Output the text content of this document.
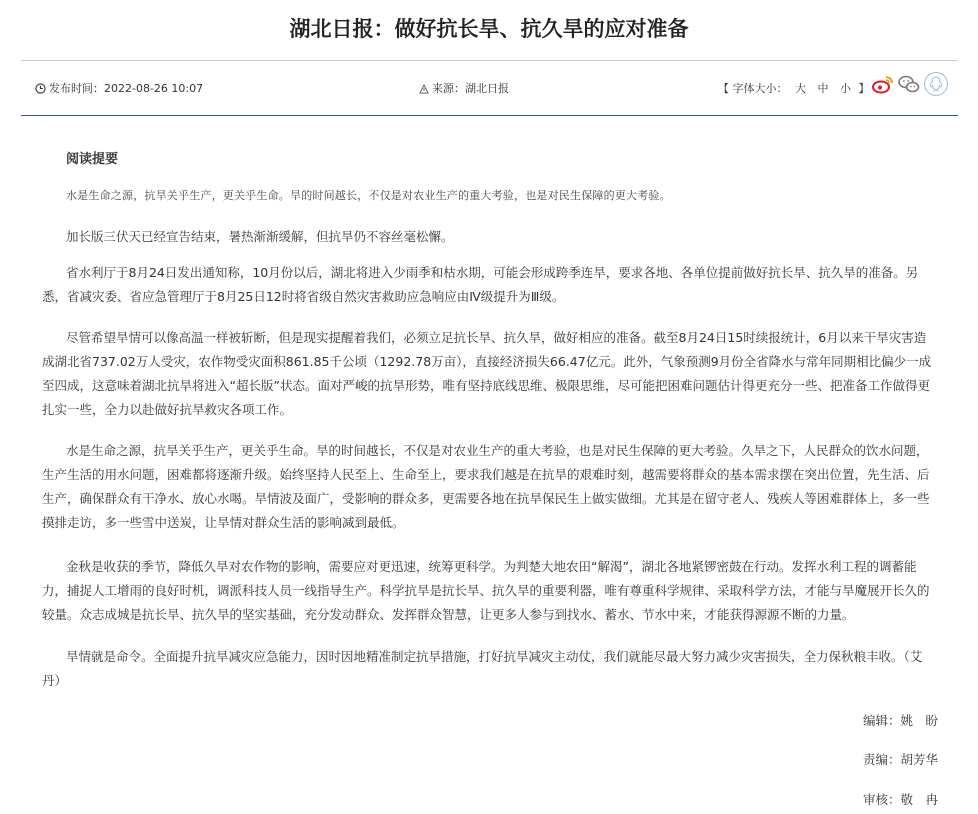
湖北日报：做好抗长旱、抗久旱的应对准备
发布时间：2022-08-26 10:07	来源：湖北日报	【 字体大小： 大 中 小 】
阅读提要
水是生命之源，抗旱关乎生产，更关乎生命。旱的时间越长，不仅是对农业生产的重大考验，也是对民生保障的更大考验。
加长版三伏天已经宣告结束，暑热渐渐缓解，但抗旱仍不容丝毫松懈。
省水利厅于8月24日发出通知称，10月份以后，湖北将进入少雨季和枯水期，可能会形成跨季连旱，要求各地、各单位提前做好抗长旱、抗久旱的准备。另悉，省减灾委、省应急管理厅于8月25日12时将省级自然灾害救助应急响应由Ⅳ级提升为Ⅲ级。
尽管希望旱情可以像高温一样被斩断，但是现实提醒着我们，必须立足抗长旱、抗久旱，做好相应的准备。截至8月24日15时续报统计，6月以来干旱灾害造成湖北省737.02万人受灾，农作物受灾面积861.85千公顷（1292.78万亩），直接经济损失66.47亿元。此外，气象预测9月份全省降水与常年同期相比偏少一成至四成，这意味着湖北抗旱将进入“超长版”状态。面对严峻的抗旱形势，唯有坚持底线思维、极限思维，尽可能把困难问题估计得更充分一些、把准备工作做得更扎实一些，全力以赴做好抗旱救灾各项工作。
水是生命之源，抗旱关乎生产，更关乎生命。旱的时间越长，不仅是对农业生产的重大考验，也是对民生保障的更大考验。久旱之下，人民群众的饮水问题，生产生活的用水问题，困难都将逐渐升级。始终坚持人民至上、生命至上，要求我们越是在抗旱的艰难时刻，越需要将群众的基本需求摆在突出位置，先生活、后生产，确保群众有干净水、放心水喝。旱情波及面广，受影响的群众多，更需要各地在抗旱保民生上做实做细。尤其是在留守老人、残疾人等困难群体上，多一些摸排走访，多一些雪中送炭，让旱情对群众生活的影响减到最低。
金秋是收获的季节，降低久旱对农作物的影响，需要应对更迅速，统筹更科学。为判楚大地农田“解渴”，湖北各地紧锣密鼓在行动。发挥水利工程的调蓄能力，捕捉人工增雨的良好时机，调派科技人员一线指导生产。科学抗旱是抗长旱、抗久旱的重要利器，唯有尊重科学规律、采取科学方法，才能与旱魔展开长久的较量。众志成城是抗长旱、抗久旱的坚实基础，充分发动群众、发挥群众智慧，让更多人参与到找水、蓄水、节水中来，才能获得源源不断的力量。
旱情就是命令。全面提升抗旱减灾应急能力，因时因地精准制定抗旱措施，打好抗旱减灾主动仗，我们就能尽最大努力减少灾害损失，全力保秋粮丰收。（艾丹）
编辑：姚　盼
责编：胡芳华
审核：敬　冉
